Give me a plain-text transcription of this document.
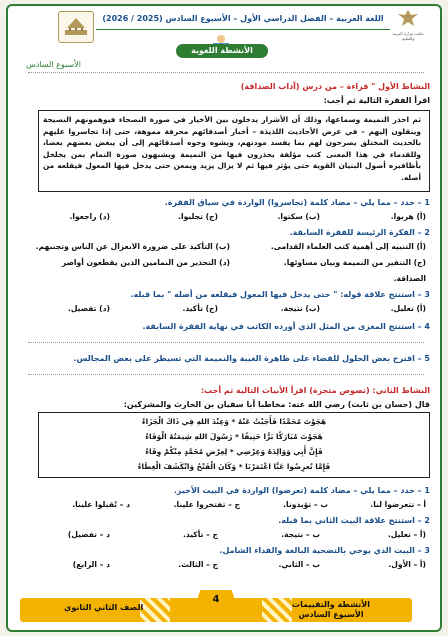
اللغة العربية – الفصل الدراسي الأول – الأسبوع السادس (2025 / 2026)
مكتب وزارة التربية والتعليم
الأنشطة اللغوية
الأسبوع السادس
النشاط الأول " قراءة – من درس (آداب الصداقة)
اقرأ الفقرة التالية ثم أجب:
ثم احذر النميمة وسماعها، وذلك أن الأشرار يدخلون بين الأخيار في صورة النصحاء فيوهمونهم النصيحة وينقلون إليهم – في عرض الأحاديث اللذيذة – أخبار أصدقائهم محرفة مموهة، حتى إذا تجاسروا عليهم بالحديث المختلق يصرحون لهم بما يفسد مودتهم، ويشوه وجوه أصدقائهم إلى أن يبغض بعضهم بعضا، وللقدماء في هذا المعنى كتب مؤلفة يحذرون فيها من النميمة ويشبهون صورة النمام بمن يخلخل بأظافيره أصول البنيان القوية حتى يؤثر فيها ثم لا يزال يزيد ويمعن حتى يدخل فيها المعول فيقلعه من أصله.
1 – حدد – مما يلي – مضاد كلمة (تجاسروا) الواردة في سياق الفقرة.
(أ) هربوا.
(ب) سكتوا.
(ج) تجلبوا.
(د) راجعوا.
2 – الفكرة الرئيسة للفقرة السابقة.
(أ) التنبيه إلى أهمية كتب العلماء القدامى.
(ب) التأكيد على ضرورة الانعزال عن الناس وتجنبهم.
(ج) التنفير من النميمة وبيان مساوئها.
(د) التحذير من النمامين الذين يقطعون أواصر
الصداقة.
3 – استنتج علاقة قوله: " حتى يدخل فيها المعول فيقلعه من أصله " بما قبله.
(أ) تعليل.
(ب) نتيجة.
(ج) تأكيد.
(د) تفصيل.
4 – استنتج المغزى من المثل الذي أورده الكاتب في نهاية الفقرة السابقة.
5 – اقترح بعض الحلول للقضاء على ظاهرة الغيبة والنميمة التي تسيطر على بعض المجالس.
النشاط الثاني: (نصوص متجزة) اقرأ الأبيات التالية ثم أجب:
قال (حسان بن ثابت) رضي الله عنه: مخاطبا أبا سفيان بن الحارث والمشركين:
هَجَوْتَ مُحَمَّدًا فَأَجَبْتُ عَنْهُ * وَعِنْدَ اللهِ فِي ذَاكَ الْجَزَاءُ
هَجَوْتَ مُبَارَكًا بَرًّا حَنِيفًا * رَسُولَ اللهِ شِيمَتُهُ الْوَفَاءُ
فَإِنَّ أَبِي وَوَالِدَهُ وَعِرْضِي * لِعِرْضِ مُحَمَّدٍ مِنْكُمْ وِقَاءُ
فَإِمَّا تُعرِضُوا عَنَّا اعْتَمَرْنَا * وَكَانَ الْفَتْحُ وَانْكَشَفَ الْغِطَاءُ
1 – حدد – مما يلي – مضاد كلمة (تعرضوا) الواردة في البيت الأخير.
أ – تتعرضوا لنا.
ب – تؤيدونا.
ج – تفتخروا علينا.
د – تُقبلوا علينا.
2 – استنتج علاقة البيت الثاني بما قبله.
(أ – تعليل.
ب – نتيجة.
ج – تأكيد.
د – تفصيل)
3 – البيت الذي يوحي بالتضحية البالغة والفداء الشامل.
(أ – الأول.
ب – الثاني.
ج – الثالث.
د – الرابع)
4
الصف الثاني الثانوي	الأنشطة والتقييمات
الأسبوع السادس
